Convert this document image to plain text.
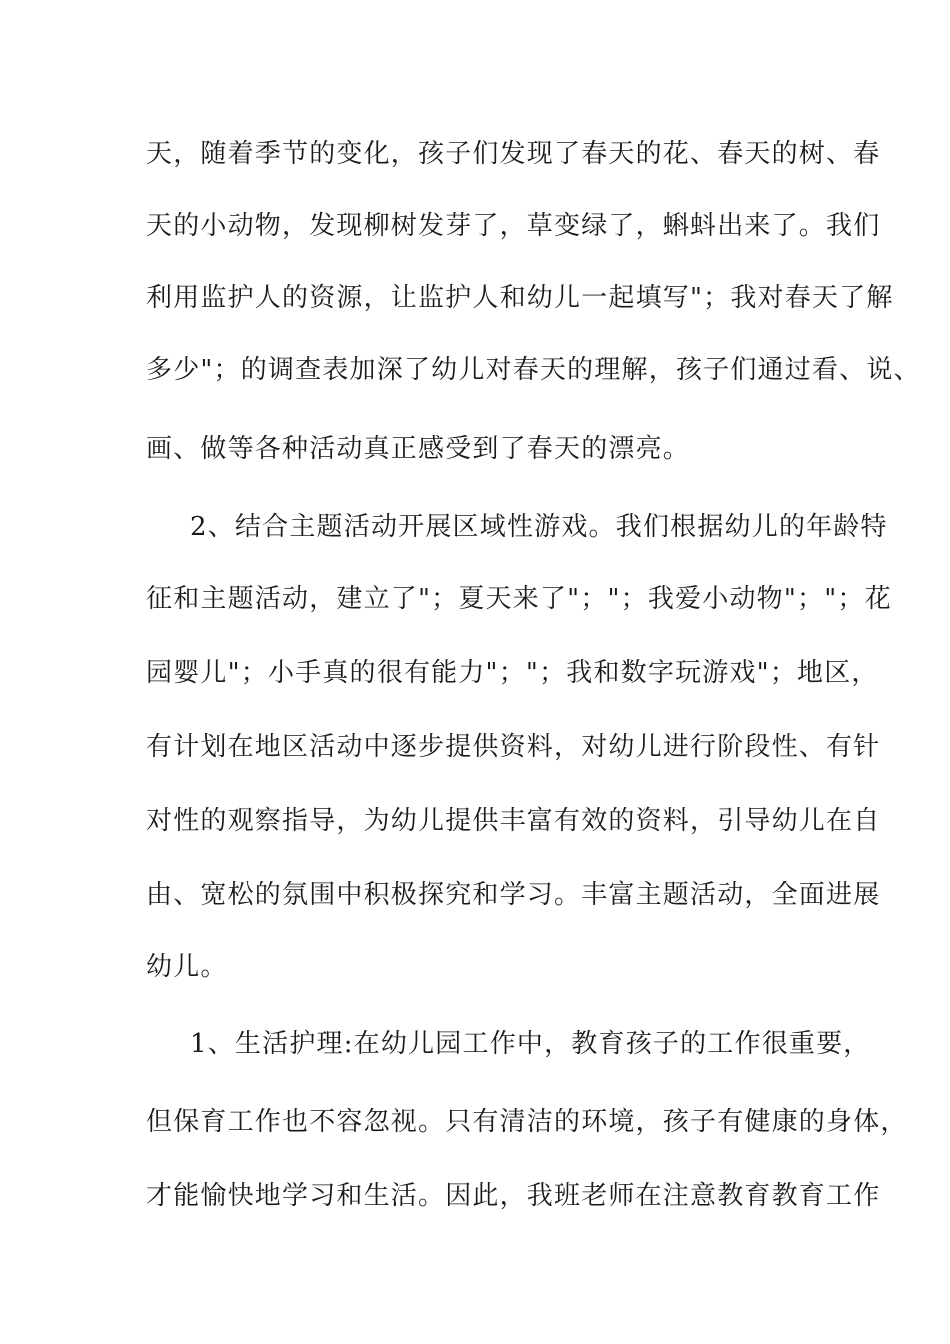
天，随着季节的变化，孩子们发现了春天的花、春天的树、春
天的小动物，发现柳树发芽了，草变绿了，蝌蚪出来了。我们
利用监护人的资源，让监护人和幼儿一起填写"；我对春天了解
多少"；的调查表加深了幼儿对春天的理解，孩子们通过看、说、
画、做等各种活动真正感受到了春天的漂亮。
2、结合主题活动开展区域性游戏。我们根据幼儿的年龄特
征和主题活动，建立了"；夏天来了"；"；我爱小动物"；"；花
园婴儿"；小手真的很有能力"；"；我和数字玩游戏"；地区，
有计划在地区活动中逐步提供资料，对幼儿进行阶段性、有针
对性的观察指导，为幼儿提供丰富有效的资料，引导幼儿在自
由、宽松的氛围中积极探究和学习。丰富主题活动，全面进展
幼儿。
1、生活护理:在幼儿园工作中，教育孩子的工作很重要，
但保育工作也不容忽视。只有清洁的环境，孩子有健康的身体，
才能愉快地学习和生活。因此，我班老师在注意教育教育工作
